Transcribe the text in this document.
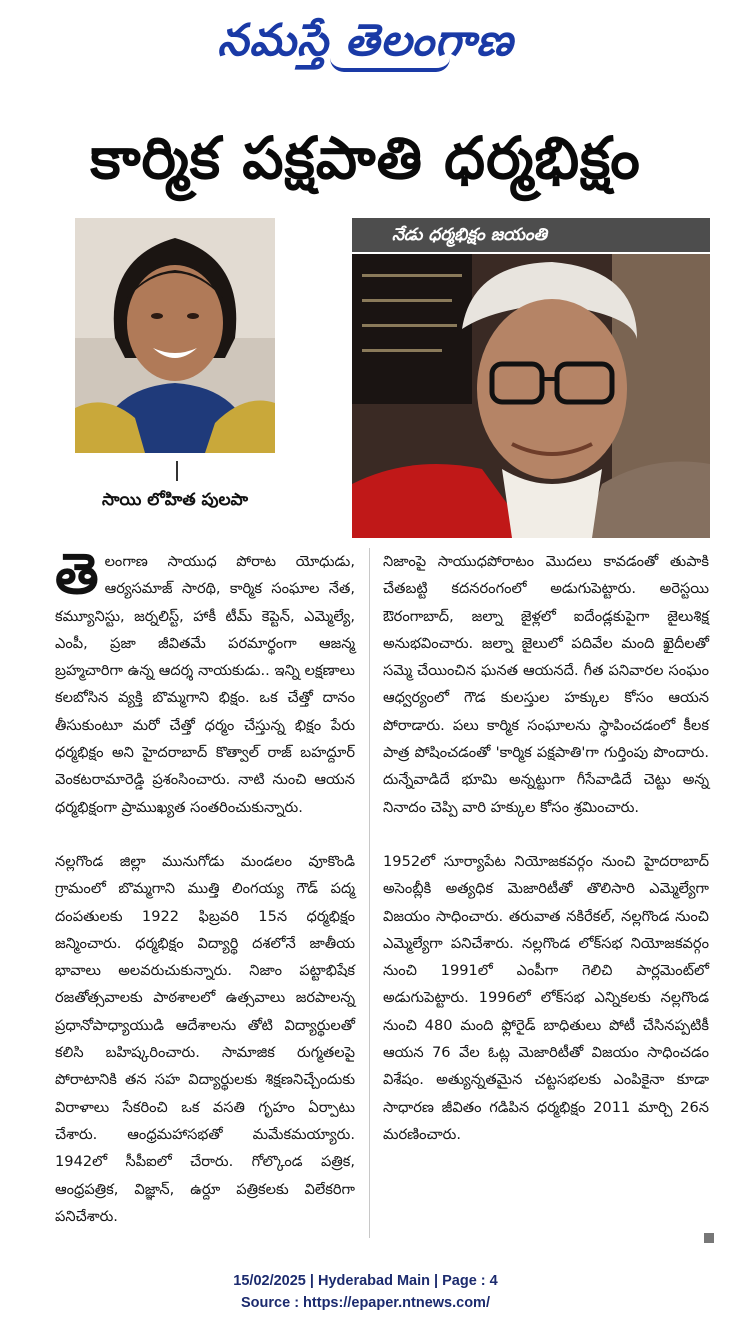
నమస్తే తెలంగాణ
కార్మిక పక్షపాతి ధర్మభిక్షం
సాయి లోహిత పులపా
నేడు ధర్మభిక్షం జయంతి

తెలంగాణ సాయుధ పోరాట యోధుడు, ఆర్యసమాజ్ సారథి, కార్మిక సంఘాల నేత, కమ్యూనిస్టు, జర్నలిస్ట్, హాకీ టీమ్ కెప్టెన్, ఎమ్మెల్యే, ఎంపీ, ప్రజా జీవితమే పరమార్థంగా ఆజన్మ బ్రహ్మచారిగా ఉన్న ఆదర్శ నాయకుడు.. ఇన్ని లక్షణాలు కలబోసిన వ్యక్తి బొమ్మగాని భిక్షం. ఒక చేత్తో దానం తీసుకుంటూ మరో చేత్తో ధర్మం చేస్తున్న భిక్షం పేరు ధర్మభిక్షం అని హైదరాబాద్ కొత్వాల్ రాజ్ బహద్దూర్ వెంకటరామారెడ్డి ప్రశంసించారు. నాటి నుంచి ఆయన ధర్మభిక్షంగా ప్రాముఖ్యత సంతరించుకున్నారు.

నల్లగొండ జిల్లా మునుగోడు మండలం వూకొండి గ్రామంలో బొమ్మగాని ముత్తి లింగయ్య గౌడ్ పద్మ దంపతులకు 1922 ఫిబ్రవరి 15న ధర్మభిక్షం జన్మించారు. ధర్మభిక్షం విద్యార్థి దశలోనే జాతీయ భావాలు అలవరుచుకున్నారు. నిజాం పట్టాభిషేక రజతోత్సవాలకు పాఠశాలలో ఉత్సవాలు జరపాలన్న ప్రధానోపాధ్యాయుడి ఆదేశాలను తోటి విద్యార్థులతో కలిసి బహిష్కరించారు. సామాజిక రుగ్మతలపై పోరాటానికి తన సహ విద్యార్థులకు శిక్షణనిచ్చేందుకు విరాళాలు సేకరించి ఒక వసతి గృహం ఏర్పాటు చేశారు. ఆంధ్రమహాసభతో మమేకమయ్యారు. 1942లో సీపీఐలో చేరారు. గోల్కొండ పత్రిక, ఆంధ్రపత్రిక, విజ్ఞాన్, ఉర్దూ పత్రికలకు విలేకరిగా పనిచేశారు.

నిజాంపై సాయుధపోరాటం మొదలు కావడంతో తుపాకి చేతబట్టి కదనరంగంలో అడుగుపెట్టారు. అరెస్టయి ఔరంగాబాద్, జల్నా జైళ్లలో ఐదేండ్లకుపైగా జైలుశిక్ష అనుభవించారు. జల్నా జైలులో పదివేల మంది ఖైదీలతో సమ్మె చేయించిన ఘనత ఆయనదే. గీత పనివారల సంఘం ఆధ్వర్యంలో గౌడ కులస్తుల హక్కుల కోసం ఆయన పోరాడారు. పలు కార్మిక సంఘాలను స్థాపించడంలో కీలక పాత్ర పోషించడంతో 'కార్మిక పక్షపాతి'గా గుర్తింపు పొందారు. దున్నేవాడిదే భూమి అన్నట్టుగా గీసేవాడిదే చెట్టు అన్న నినాదం చెప్పి వారి హక్కుల కోసం శ్రమించారు.

1952లో సూర్యాపేట నియోజకవర్గం నుంచి హైదరాబాద్ అసెంబ్లీకి అత్యధిక మెజారిటీతో తొలిసారి ఎమ్మెల్యేగా విజయం సాధించారు. తరువాత నకిరేకల్, నల్లగొండ నుంచి ఎమ్మెల్యేగా పనిచేశారు. నల్లగొండ లోక్‌సభ నియోజకవర్గం నుంచి 1991లో ఎంపీగా గెలిచి పార్లమెంట్‌లో అడుగుపెట్టారు. 1996లో లోక్‌సభ ఎన్నికలకు నల్లగొండ నుంచి 480 మంది ఫ్లోరైడ్ బాధితులు పోటీ చేసినప్పటికీ ఆయన 76 వేల ఓట్ల మెజారిటీతో విజయం సాధించడం విశేషం. అత్యున్నతమైన చట్టసభలకు ఎంపికైనా కూడా సాధారణ జీవితం గడిపిన ధర్మభిక్షం 2011 మార్చి 26న మరణించారు.

15/02/2025 | Hyderabad Main | Page : 4
Source : https://epaper.ntnews.com/
